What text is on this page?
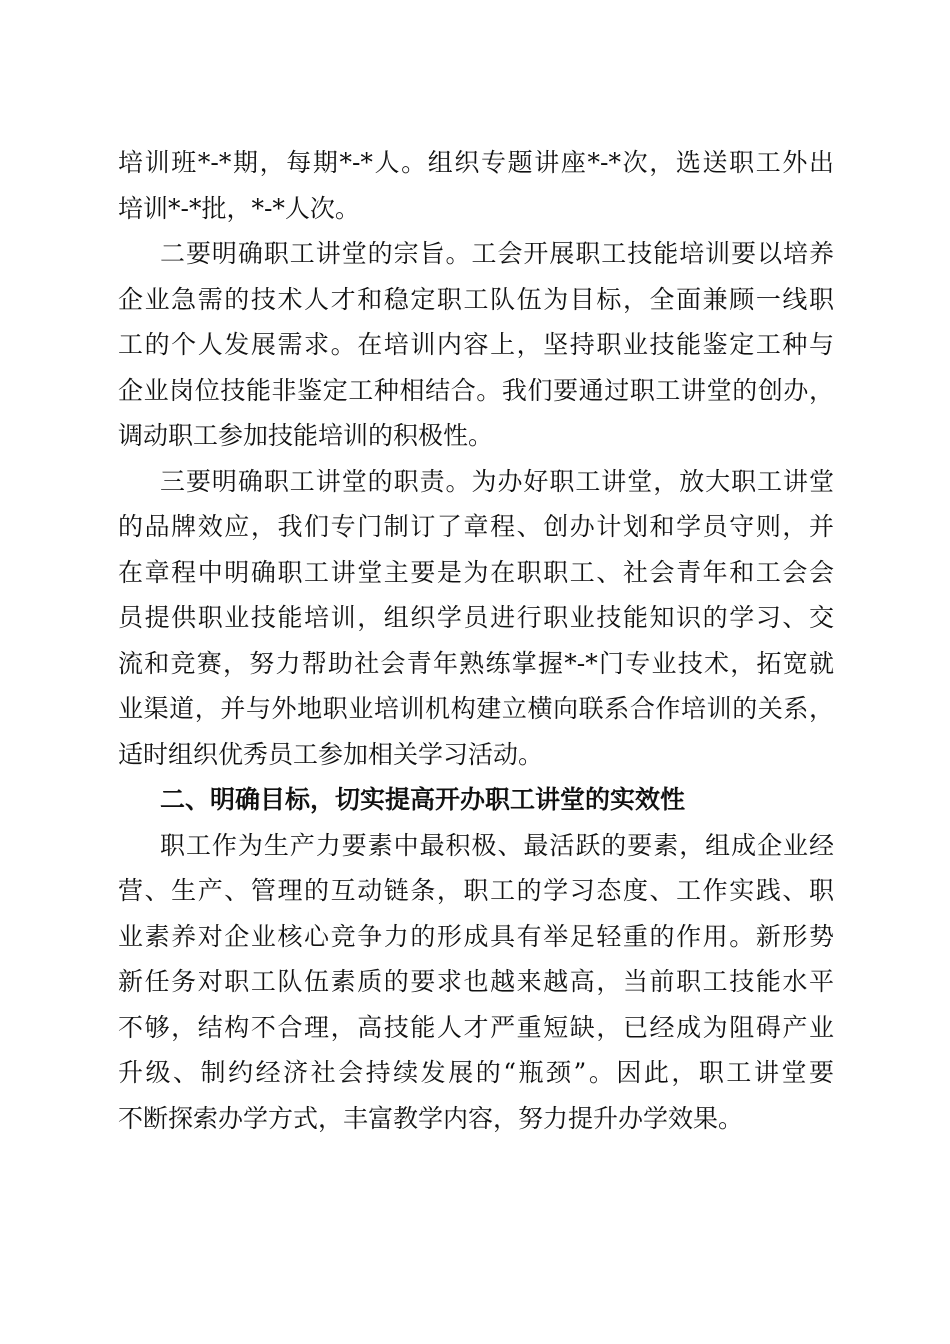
培训班*-*期，每期*-*人。组织专题讲座*-*次，选送职工外出
培训*-*批，*-*人次。
二要明确职工讲堂的宗旨。工会开展职工技能培训要以培养
企业急需的技术人才和稳定职工队伍为目标，全面兼顾一线职
工的个人发展需求。在培训内容上，坚持职业技能鉴定工种与
企业岗位技能非鉴定工种相结合。我们要通过职工讲堂的创办，
调动职工参加技能培训的积极性。
三要明确职工讲堂的职责。为办好职工讲堂，放大职工讲堂
的品牌效应，我们专门制订了章程、创办计划和学员守则，并
在章程中明确职工讲堂主要是为在职职工、社会青年和工会会
员提供职业技能培训，组织学员进行职业技能知识的学习、交
流和竞赛，努力帮助社会青年熟练掌握*-*门专业技术，拓宽就
业渠道，并与外地职业培训机构建立横向联系合作培训的关系，
适时组织优秀员工参加相关学习活动。
二、明确目标，切实提高开办职工讲堂的实效性
职工作为生产力要素中最积极、最活跃的要素，组成企业经
营、生产、管理的互动链条，职工的学习态度、工作实践、职
业素养对企业核心竞争力的形成具有举足轻重的作用。新形势
新任务对职工队伍素质的要求也越来越高，当前职工技能水平
不够，结构不合理，高技能人才严重短缺，已经成为阻碍产业
升级、制约经济社会持续发展的“瓶颈”。因此，职工讲堂要
不断探索办学方式，丰富教学内容，努力提升办学效果。
